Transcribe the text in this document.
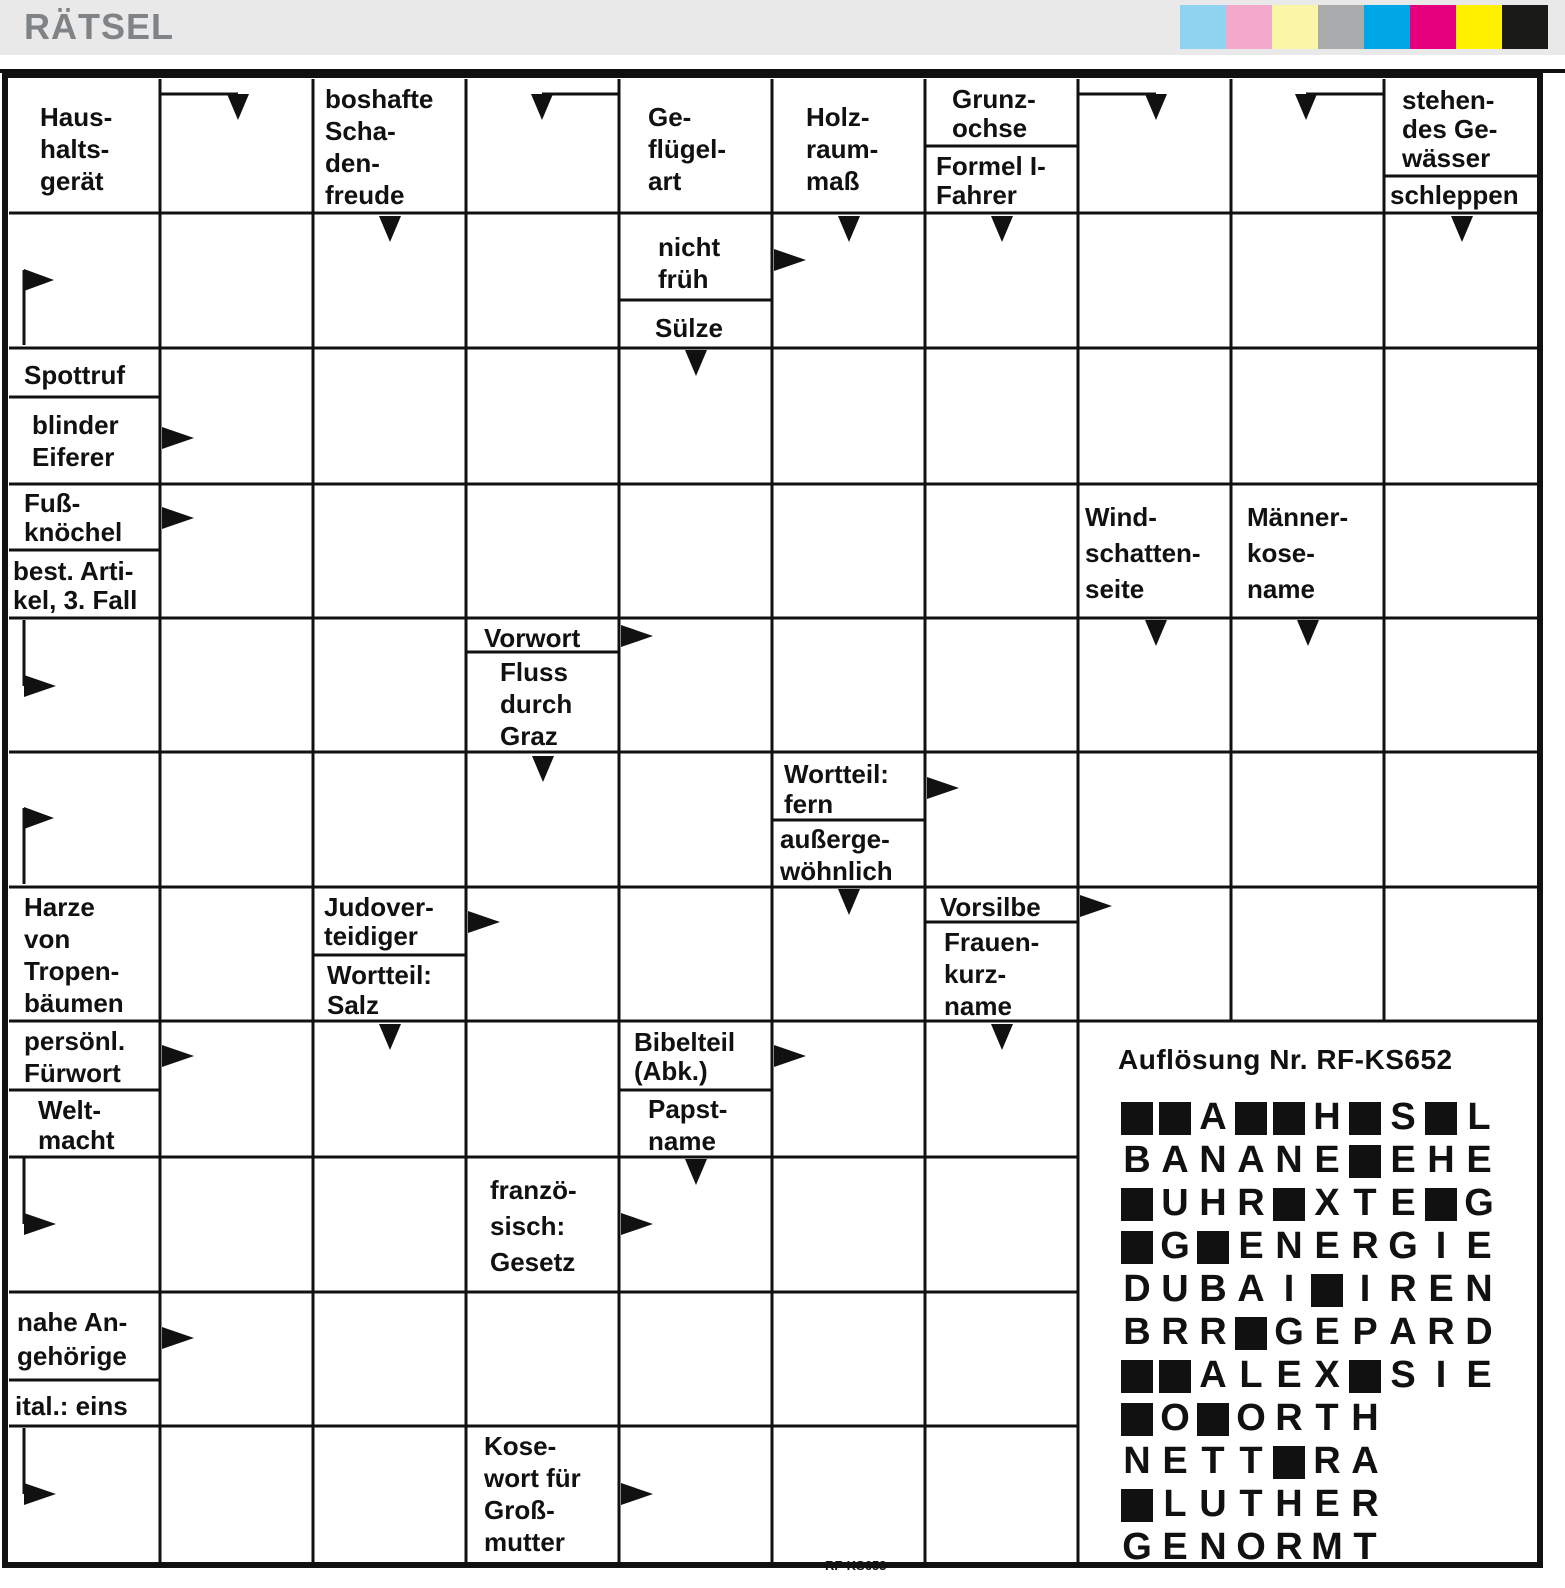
RÄTSEL
Haus-
halts-
gerät
boshafte
Scha-
den-
freude
Ge-
flügel-
art
Holz-
raum-
maß
Grunz-
ochse
Formel I-
Fahrer
stehen-
des Ge-
wässer
schleppen
nicht
früh
Sülze
Spottruf
blinder
Eiferer
Fuß-
knöchel
best. Arti-
kel, 3. Fall
Wind-
schatten-
seite
Männer-
kose-
name
Vorwort
Fluss
durch
Graz
Wortteil:
fern
außerge-
wöhnlich
Harze
von
Tropen-
bäumen
Judover-
teidiger
Wortteil:
Salz
Vorsilbe
Frauen-
kurz-
name
persönl.
Fürwort
Welt-
macht
Bibelteil
(Abk.)
Papst-
name
franzö-
sisch:
Gesetz
nahe An-
gehörige
ital.: eins
Kose-
wort für
Groß-
mutter
Auflösung Nr. RF-KS652
A H S L
B A N A N E E H E
U H R X T E G
G E N E R G I E
D U B A I	I R E N
B R R G E P A R D
A L E X S I E
O O R T H
N E T T R A
L U T H E R
G E N O R M T
RF-KS653
